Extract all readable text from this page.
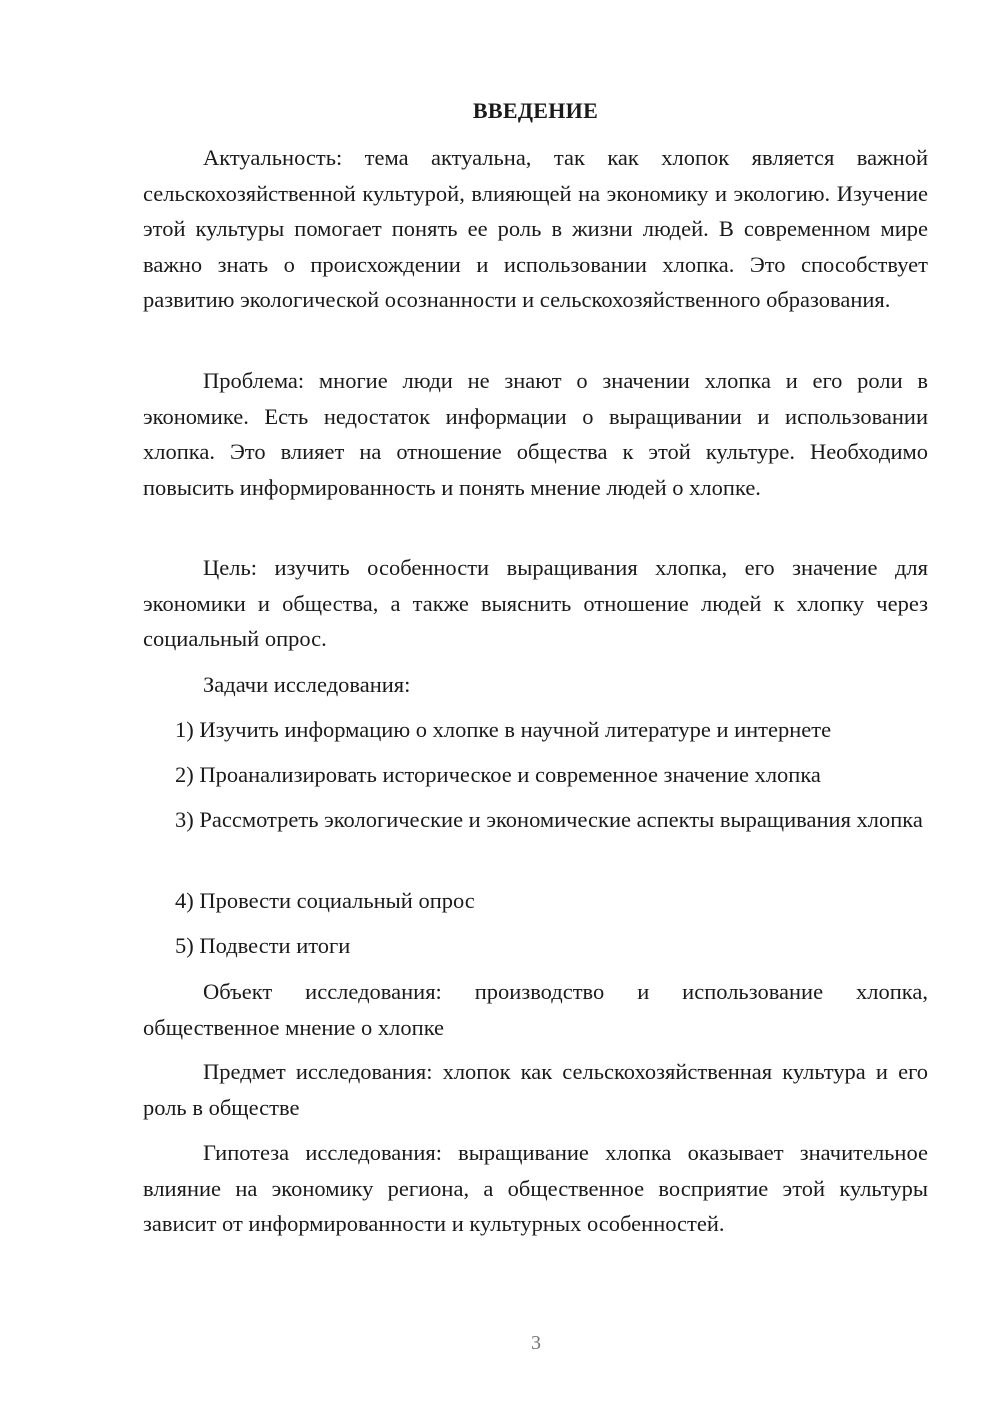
ВВЕДЕНИЕ

Актуальность: тема актуальна, так как хлопок является важной сельскохозяйственной культурой, влияющей на экономику и экологию. Изучение этой культуры помогает понять ее роль в жизни людей. В современном мире важно знать о происхождении и использовании хлопка. Это способствует развитию экологической осознанности и сельскохозяйственного образования.

Проблема: многие люди не знают о значении хлопка и его роли в экономике. Есть недостаток информации о выращивании и использовании хлопка. Это влияет на отношение общества к этой культуре. Необходимо повысить информированность и понять мнение людей о хлопке.

Цель: изучить особенности выращивания хлопка, его значение для экономики и общества, а также выяснить отношение людей к хлопку через социальный опрос.

Задачи исследования:

1) Изучить информацию о хлопке в научной литературе и интернете

2) Проанализировать историческое и современное значение хлопка

3) Рассмотреть экологические и экономические аспекты выращивания хлопка

4) Провести социальный опрос

5) Подвести итоги

Объект исследования: производство и использование хлопка, общественное мнение о хлопке

Предмет исследования: хлопок как сельскохозяйственная культура и его роль в обществе

Гипотеза исследования: выращивание хлопка оказывает значительное влияние на экономику региона, а общественное восприятие этой культуры зависит от информированности и культурных особенностей.

3
